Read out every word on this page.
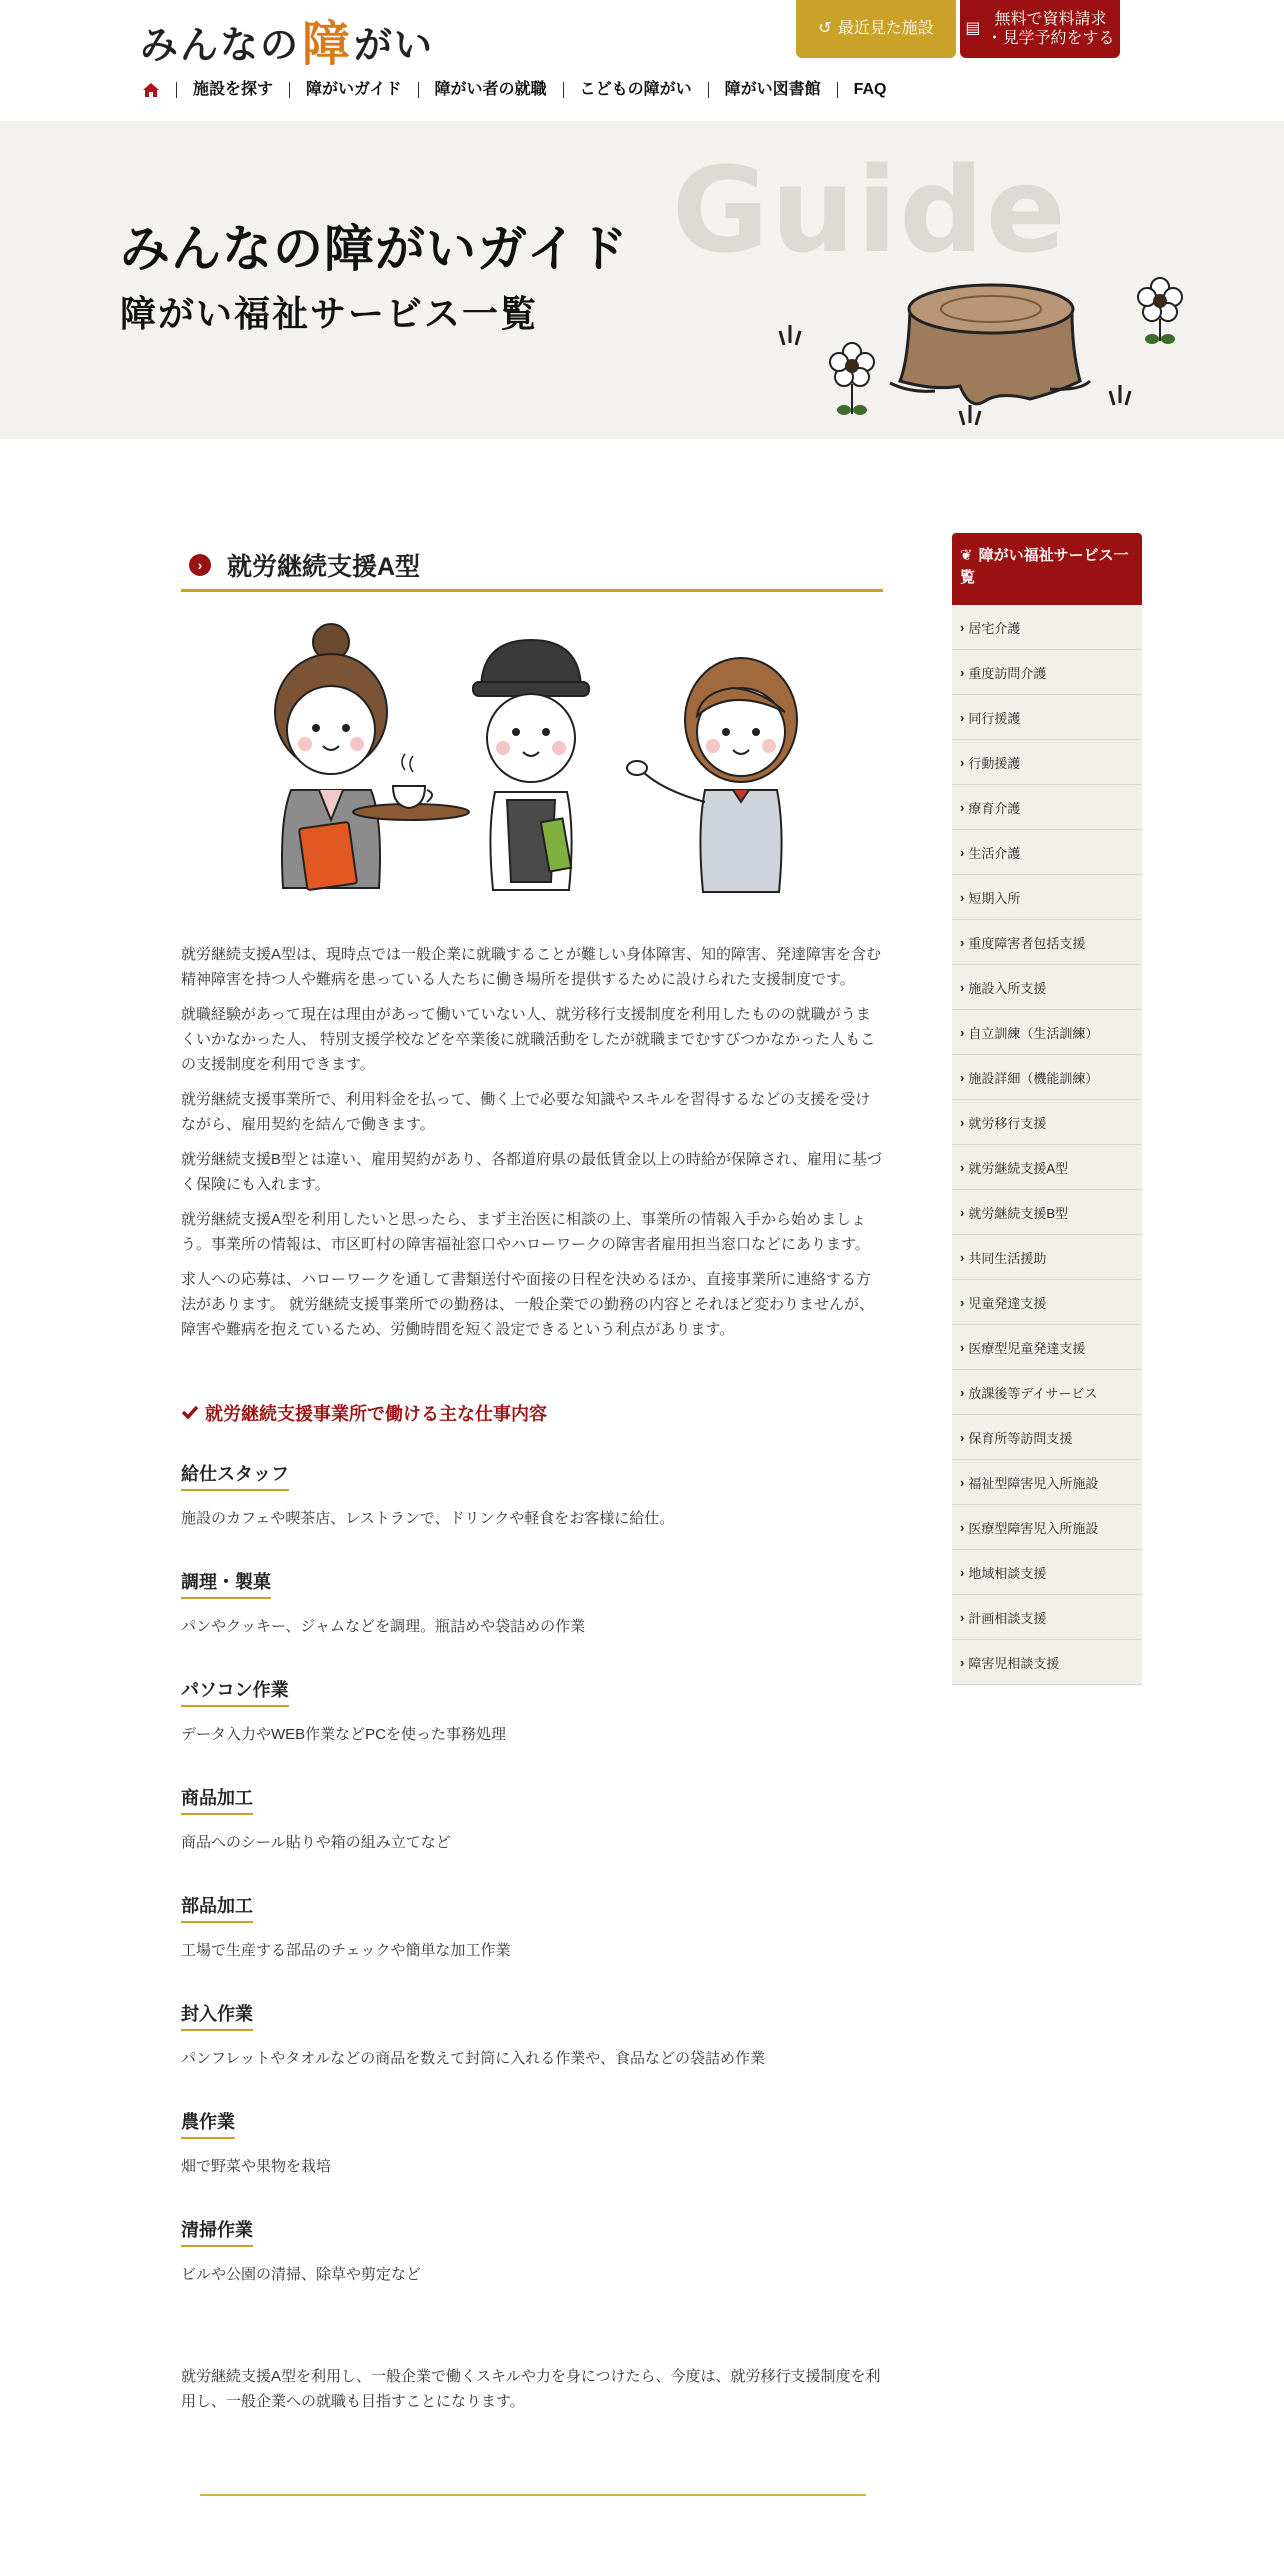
みんなの 障 がい	↺ 最近見た施設 ▤
無料で資料請求
・見学予約をする
施設を探す	障がいガイド	障がい者の就職	こどもの障がい	障がい図書館	FAQ
Guide
みんなの障がいガイド
障がい福祉サービス一覧
› 就労継続支援A型

就労継続支援A型は、現時点では一般企業に就職することが難しい身体障害、知的障害、発達障害を含む精神障害を持つ人や難病を患っている人たちに働き場所を提供するために設けられた支援制度です。

就職経験があって現在は理由があって働いていない人、就労移行支援制度を利用したものの就職がうまくいかなかった人、 特別支援学校などを卒業後に就職活動をしたが就職までむすびつかなかった人もこの支援制度を利用できます。

就労継続支援事業所で、利用料金を払って、働く上で必要な知識やスキルを習得するなどの支援を受けながら、雇用契約を結んで働きます。

就労継続支援B型とは違い、雇用契約があり、各都道府県の最低賃金以上の時給が保障され、雇用に基づく保険にも入れます。

就労継続支援A型を利用したいと思ったら、まず主治医に相談の上、事業所の情報入手から始めましょう。事業所の情報は、市区町村の障害福祉窓口やハローワークの障害者雇用担当窓口などにあります。

求人への応募は、ハローワークを通して書類送付や面接の日程を決めるほか、直接事業所に連絡する方法があります。 就労継続支援事業所での勤務は、一般企業での勤務の内容とそれほど変わりませんが、障害や難病を抱えているため、労働時間を短く設定できるという利点があります。

就労継続支援事業所で働ける主な仕事内容
給仕スタッフ
施設のカフェや喫茶店、レストランで、ドリンクや軽食をお客様に給仕。
調理・製菓
パンやクッキー、ジャムなどを調理。瓶詰めや袋詰めの作業
パソコン作業
データ入力やWEB作業などPCを使った事務処理
商品加工
商品へのシール貼りや箱の組み立てなど
部品加工
工場で生産する部品のチェックや簡単な加工作業
封入作業
パンフレットやタオルなどの商品を数えて封筒に入れる作業や、食品などの袋詰め作業
農作業
畑で野菜や果物を栽培
清掃作業
ビルや公園の清掃、除草や剪定など

就労継続支援A型を利用し、一般企業で働くスキルや力を身につけたら、今度は、就労移行支援制度を利用し、一般企業への就職も目指すことになります。

❦ 障がい福祉サービス一覧
› 居宅介護
› 重度訪問介護
› 同行援護
› 行動援護
› 療育介護
› 生活介護
› 短期入所
› 重度障害者包括支援
› 施設入所支援
› 自立訓練（生活訓練）
› 施設詳細（機能訓練）
› 就労移行支援
› 就労継続支援A型
› 就労継続支援B型
› 共同生活援助
› 児童発達支援
› 医療型児童発達支援
› 放課後等デイサービス
› 保育所等訪問支援
› 福祉型障害児入所施設
› 医療型障害児入所施設
› 地域相談支援
› 計画相談支援
› 障害児相談支援
